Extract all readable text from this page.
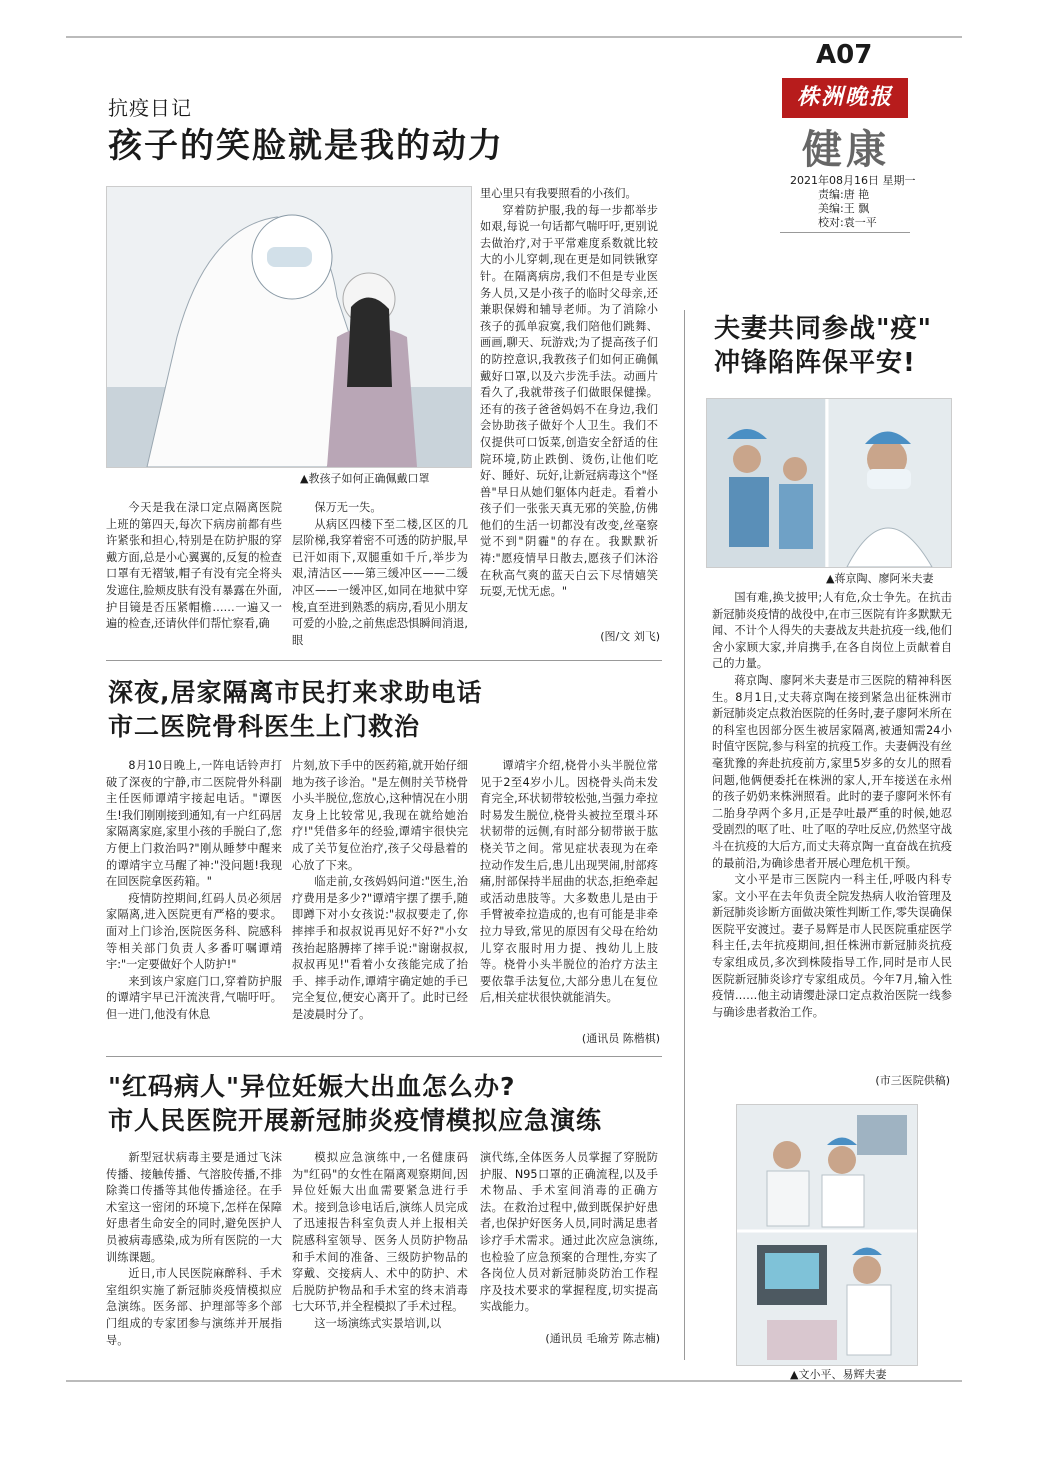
A07
株洲晚报
健康
2021年08月16日 星期一
责编:唐 艳
美编:王 飘
校对:袁一平
抗疫日记
孩子的笑脸就是我的动力
▲教孩子如何正确佩戴口罩

今天是我在渌口定点隔离医院上班的第四天,每次下病房前都有些许紧张和担心,特别是在防护服的穿戴方面,总是小心翼翼的,反复的检查口罩有无褶皱,帽子有没有完全将头发遮住,脸颊皮肤有没有暴露在外面,护目镜是否压紧帽檐……一遍又一遍的检查,还请伙伴们帮忙察看,确

保万无一失。

从病区四楼下至二楼,区区的几层阶梯,我穿着密不可透的防护服,早已汗如雨下,双腿重如千斤,举步为艰,清洁区——第三缓冲区——二缓冲区——一缓冲区,如同在地狱中穿梭,直至进到熟悉的病房,看见小朋友可爱的小脸,之前焦虑恐惧瞬间消退,眼

里心里只有我要照看的小孩们。

穿着防护服,我的每一步都举步如艰,每说一句话都气喘吁吁,更别说去做治疗,对于平常难度系数就比较大的小儿穿刺,现在更是如同铁锹穿针。在隔离病房,我们不但是专业医务人员,又是小孩子的临时父母亲,还兼职保姆和辅导老师。为了消除小孩子的孤单寂寞,我们陪他们跳舞、画画,聊天、玩游戏;为了提高孩子们的防控意识,我教孩子们如何正确佩戴好口罩,以及六步洗手法。动画片看久了,我就带孩子们做眼保健操。还有的孩子爸爸妈妈不在身边,我们会协助孩子做好个人卫生。我们不仅提供可口饭菜,创造安全舒适的住院环境,防止跌倒、烫伤,让他们吃好、睡好、玩好,让新冠病毒这个"怪兽"早日从她们躯体内赶走。看着小孩子们一张张天真无邪的笑脸,仿佛他们的生活一切都没有改变,丝毫察觉不到"阴霾"的存在。我默默祈祷:"愿疫情早日散去,愿孩子们沐浴在秋高气爽的蓝天白云下尽情嬉笑玩耍,无忧无虑。"

(图/文 刘飞)
深夜,居家隔离市民打来求助电话
市二医院骨科医生上门救治

8月10日晚上,一阵电话铃声打破了深夜的宁静,市二医院骨外科副主任医师谭靖宇接起电话。"谭医生!我们刚刚接到通知,有一户红码居家隔离家庭,家里小孩的手脱臼了,您方便上门救治吗?"刚从睡梦中醒来的谭靖宇立马醒了神:"没问题!我现在回医院拿医药箱。"

疫情防控期间,红码人员必须居家隔离,进入医院更有严格的要求。面对上门诊治,医院医务科、院感科等相关部门负责人多番叮嘱谭靖宇:"一定要做好个人防护!"

来到该户家庭门口,穿着防护服的谭靖宇早已汗流浃背,气喘吁吁。但一进门,他没有休息

片刻,放下手中的医药箱,就开始仔细地为孩子诊治。"是左侧肘关节桡骨小头半脱位,您放心,这种情况在小朋友身上比较常见,我现在就给她治疗!"凭借多年的经验,谭靖宇很快完成了关节复位治疗,孩子父母悬着的心放了下来。

临走前,女孩妈妈问道:"医生,治疗费用是多少?"谭靖宇摆了摆手,随即蹲下对小女孩说:"叔叔要走了,你摔摔手和叔叔说再见好不好?"小女孩抬起胳膊摔了摔手说:"谢谢叔叔,叔叔再见!"看着小女孩能完成了抬手、摔手动作,谭靖宇确定她的手已完全复位,便安心离开了。此时已经是凌晨时分了。

谭靖宇介绍,桡骨小头半脱位常见于2至4岁小儿。因桡骨头尚未发育完全,环状韧带较松弛,当强力牵拉时易发生脱位,桡骨头被拉至環斗环状韧带的远侧,有时部分韧带嵌于肱桡关节之间。常见症状表现为在牵拉动作发生后,患儿出现哭闹,肘部疼痛,肘部保持半屈曲的状态,拒绝牵起或活动患肢等。大多数患儿是由于手臂被牵拉造成的,也有可能是非牵拉力导致,常见的原因有父母在给幼儿穿衣服时用力提、拽幼儿上肢等。桡骨小头半脱位的治疗方法主要依靠手法复位,大部分患儿在复位后,相关症状很快就能消失。

(通讯员 陈楷棋)
"红码病人"异位妊娠大出血怎么办?
市人民医院开展新冠肺炎疫情模拟应急演练

新型冠状病毒主要是通过飞沫传播、接触传播、气溶胶传播,不排除粪口传播等其他传播途径。在手术室这一密闭的环境下,怎样在保障好患者生命安全的同时,避免医护人员被病毒感染,成为所有医院的一大训练课题。

近日,市人民医院麻醉科、手术室组织实施了新冠肺炎疫情模拟应急演练。医务部、护理部等多个部门组成的专家团参与演练并开展指导。

模拟应急演练中,一名健康码为"红码"的女性在隔离观察期间,因异位妊娠大出血需要紧急进行手术。接到急诊电话后,演练人员完成了迅速报告科室负责人并上报相关院感科室领导、医务人员防护物品和手术间的准备、三级防护物品的穿戴、交接病人、术中的防护、术后脱防护物品和手术室的终末消毒七大环节,并全程模拟了手术过程。

这一场演练式实景培训,以

演代练,全体医务人员掌握了穿脱防护服、N95口罩的正确流程,以及手术物品、手术室间消毒的正确方法。在救治过程中,做到既保护好患者,也保护好医务人员,同时满足患者诊疗手术需求。通过此次应急演练,也检验了应急预案的合理性,夯实了各岗位人员对新冠肺炎防治工作程序及技术要求的掌握程度,切实提高实战能力。

(通讯员 毛瑜芳 陈志楠)
夫妻共同参战"疫"
冲锋陷阵保平安!
▲蒋京陶、廖阿米夫妻

国有难,换戈披甲;人有危,众士争先。在抗击新冠肺炎疫情的战役中,在市三医院有许多默默无闻、不计个人得失的夫妻战友共赴抗疫一线,他们舍小家顾大家,并肩携手,在各自岗位上贡献着自己的力量。

蒋京陶、廖阿米夫妻是市三医院的精神科医生。8月1日,丈夫蒋京陶在接到紧急出征株洲市新冠肺炎定点救治医院的任务时,妻子廖阿米所在的科室也因部分医生被居家隔离,被通知需24小时值守医院,参与科室的抗疫工作。夫妻俩没有丝毫犹豫的奔赴抗疫前方,家里5岁多的女儿的照看问题,他俩便委托在株洲的家人,开车接送在永州的孩子奶奶来株洲照看。此时的妻子廖阿米怀有二胎身孕两个多月,正是孕吐最严重的时候,她忍受剧烈的呕了吐、吐了呕的孕吐反应,仍然坚守战斗在抗疫的大后方,而丈夫蒋京陶一直奋战在抗疫的最前沿,为确诊患者开展心理危机干预。

文小平是市三医院内一科主任,呼吸内科专家。文小平在去年负责全院发热病人收治管理及新冠肺炎诊断方面做决策性判断工作,零失误确保医院平安渡过。妻子易辉是市人民医院重症医学科主任,去年抗疫期间,担任株洲市新冠肺炎抗疫专家组成员,多次到株陵指导工作,同时是市人民医院新冠肺炎诊疗专家组成员。今年7月,输入性疫情……他主动请缨赴渌口定点救治医院一线参与确诊患者救治工作。

(市三医院供稿)
▲文小平、易辉夫妻
